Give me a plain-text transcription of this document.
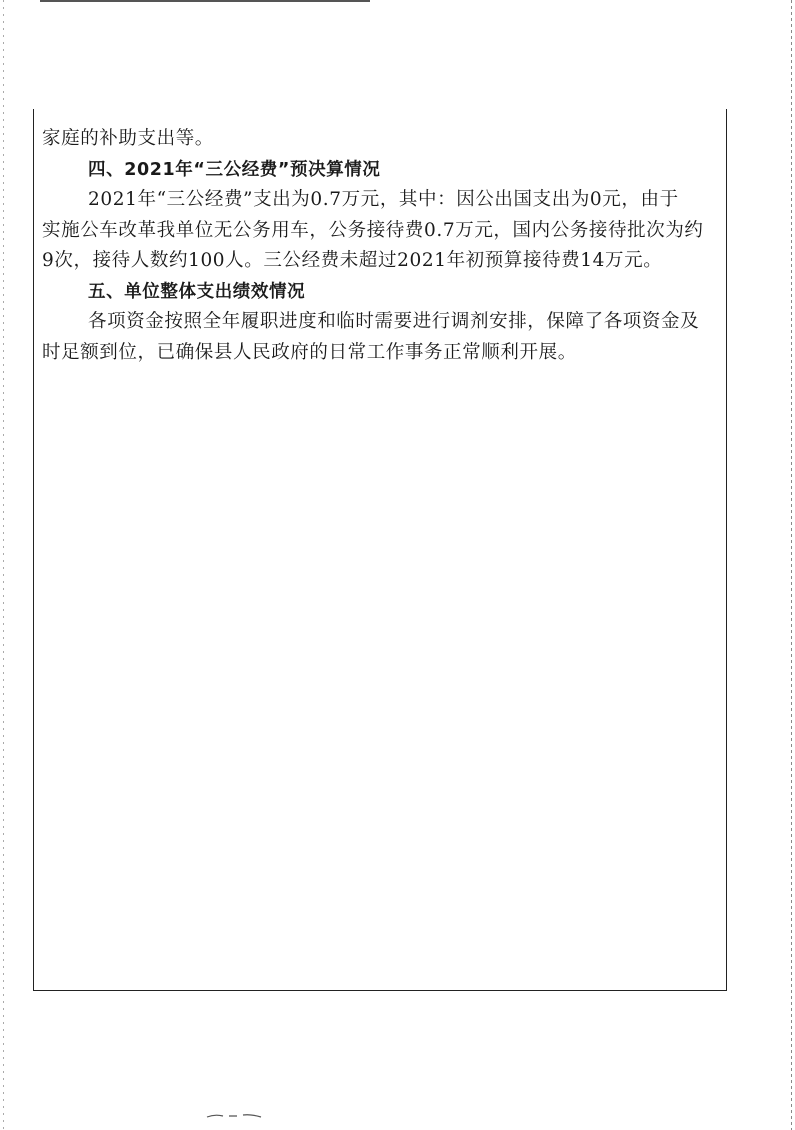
家庭的补助支出等。
四、2021年“三公经费”预决算情况
2021年“三公经费”支出为0.7万元，其中：因公出国支出为0元，由于
实施公车改革我单位无公务用车，公务接待费0.7万元，国内公务接待批次为约
9次，接待人数约100人。三公经费未超过2021年初预算接待费14万元。
五、单位整体支出绩效情况
各项资金按照全年履职进度和临时需要进行调剂安排，保障了各项资金及
时足额到位，已确保县人民政府的日常工作事务正常顺利开展。
